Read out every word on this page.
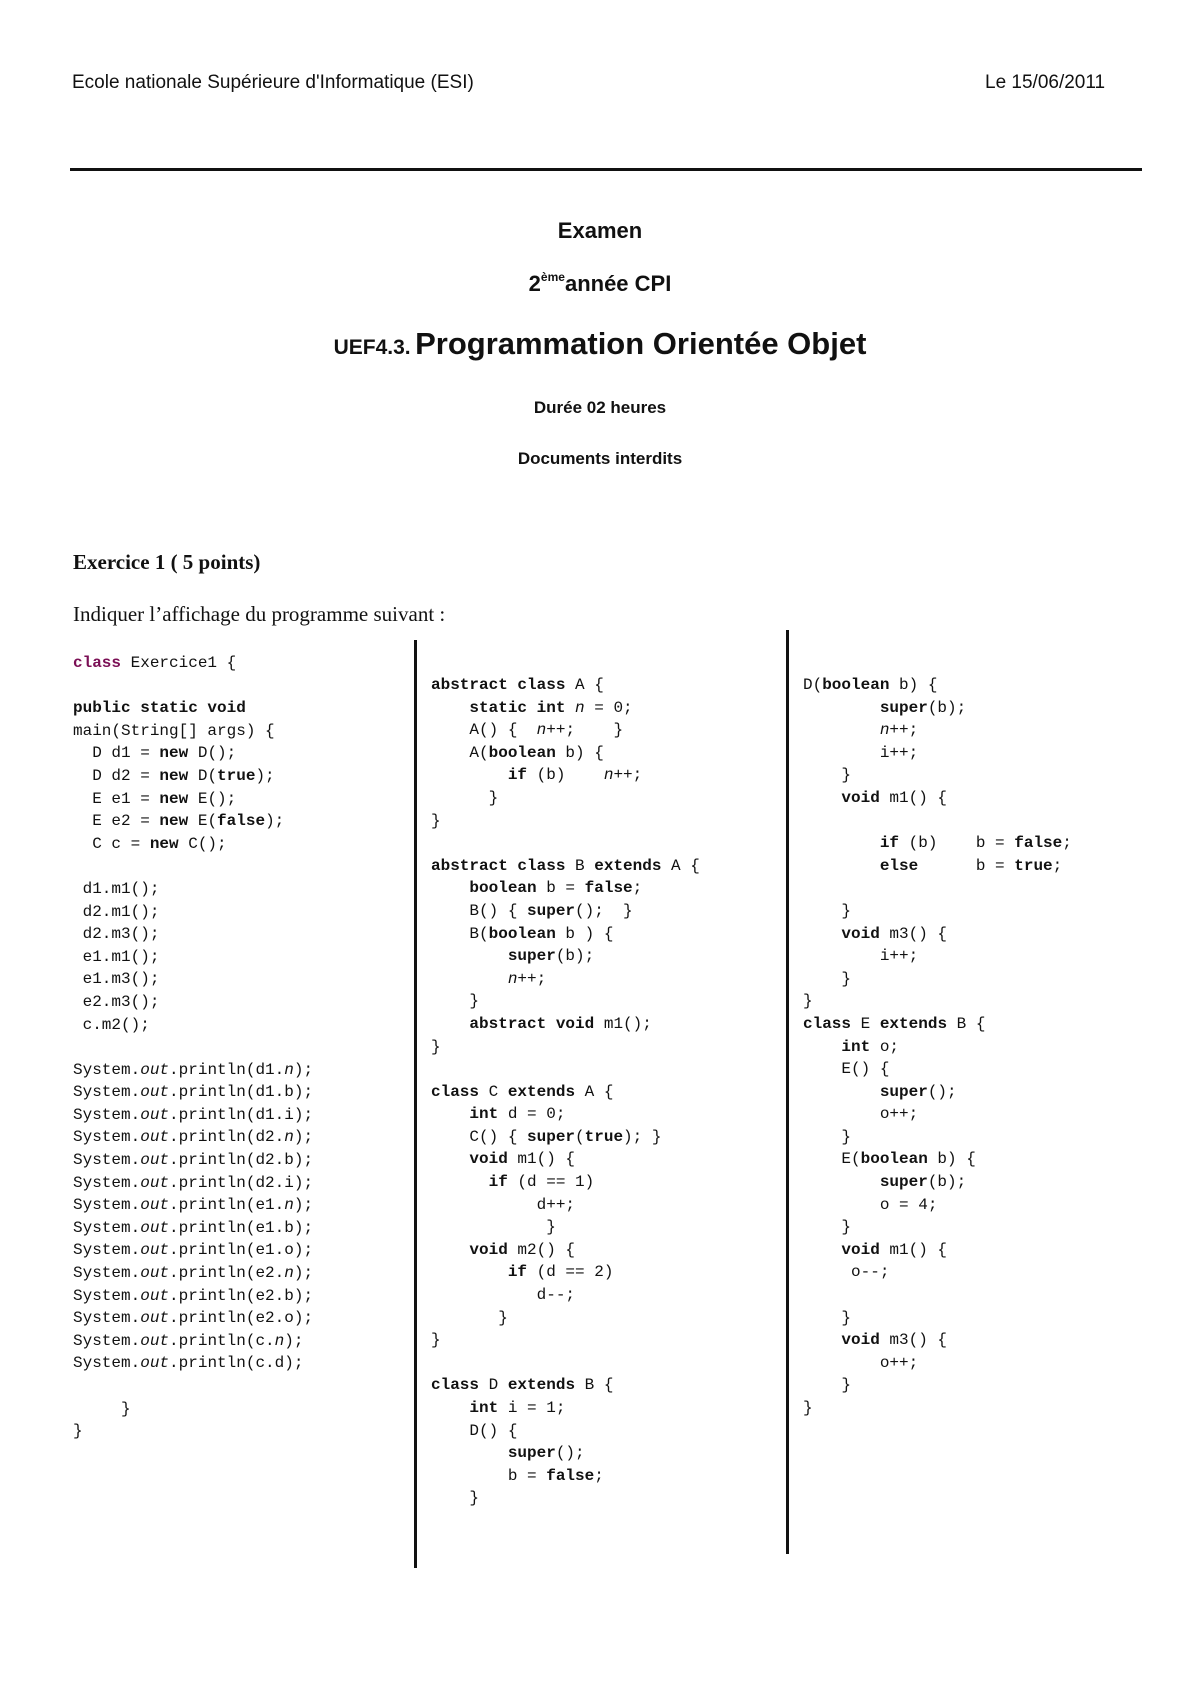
Ecole nationale Supérieure d'Informatique (ESI)	Le 15/06/2011
Examen
2èmeannée CPI
UEF4.3. Programmation Orientée Objet
Durée 02 heures
Documents interdits
Exercice 1 ( 5 points)
Indiquer l’affichage du programme suivant :
class Exercice1 {
public static void
main(String[] args) {
D d1 = new D();
D d2 = new D(true);
E e1 = new E();
E e2 = new E(false);
C c = new C();
d1.m1();
d2.m1();
d2.m3();
e1.m1();
e1.m3();
e2.m3();
c.m2();
System.out.println(d1.n);
System.out.println(d1.b);
System.out.println(d1.i);
System.out.println(d2.n);
System.out.println(d2.b);
System.out.println(d2.i);
System.out.println(e1.n);
System.out.println(e1.b);
System.out.println(e1.o);
System.out.println(e2.n);
System.out.println(e2.b);
System.out.println(e2.o);
System.out.println(c.n);
System.out.println(c.d);
}
}
abstract class A {
static int n = 0;
A() {  n++;    }
A(boolean b) {
if (b)    n++;
}
}
abstract class B extends A {
boolean b = false;
B() { super();  }
B(boolean b ) {
super(b);
n++;
}
abstract void m1();
}
class C extends A {
int d = 0;
C() { super(true); }
void m1() {
if (d == 1)
d++;
}
void m2() {
if (d == 2)
d--;
}
}
class D extends B {
int i = 1;
D() {
super();
b = false;
}
D(boolean b) {
super(b);
n++;
i++;
}
void m1() {
if (b)    b = false;
else      b = true;
}
void m3() {
i++;
}
}
class E extends B {
int o;
E() {
super();
o++;
}
E(boolean b) {
super(b);
o = 4;
}
void m1() {
o--;
}
void m3() {
o++;
}
}
